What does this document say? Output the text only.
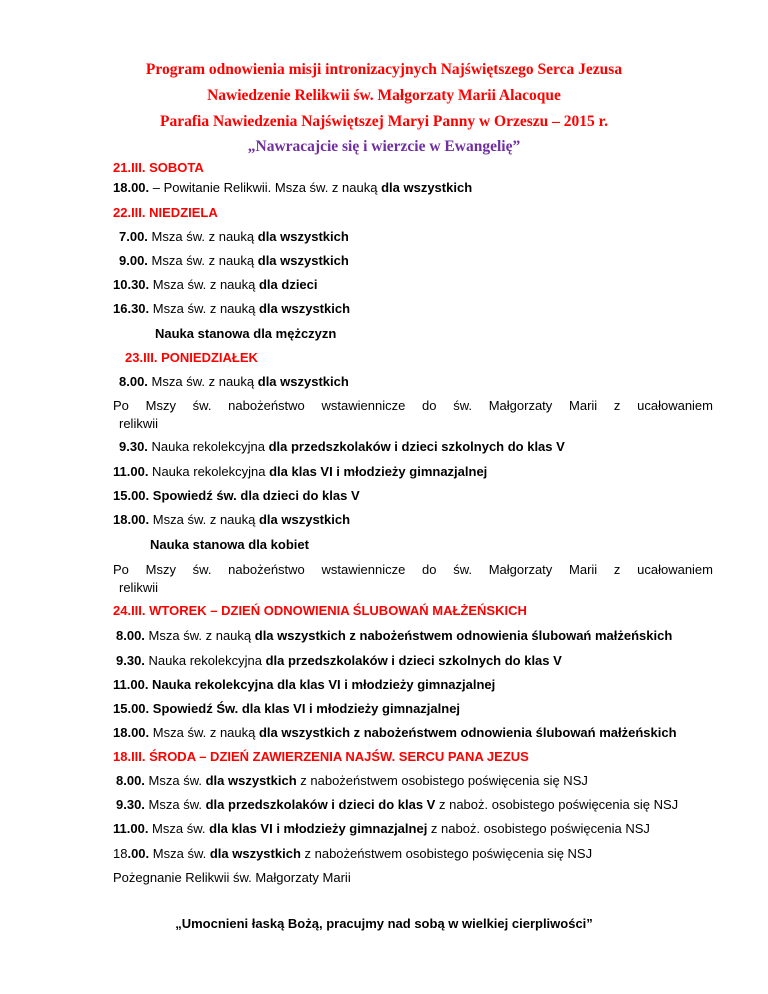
Program odnowienia misji intronizacyjnych Najświętszego Serca Jezusa
Nawiedzenie Relikwii św. Małgorzaty Marii Alacoque
Parafia Nawiedzenia Najświętszej Maryi Panny w Orzeszu – 2015 r.
„Nawracajcie się i wierzcie w Ewangelię”
21.III. SOBOTA
18.00. – Powitanie Relikwii. Msza św. z nauką dla wszystkich
22.III. NIEDZIELA
7.00. Msza św. z nauką dla wszystkich
9.00. Msza św. z nauką dla wszystkich
10.30. Msza św. z nauką dla dzieci
16.30. Msza św. z nauką dla wszystkich
Nauka stanowa dla mężczyzn
23.III. PONIEDZIAŁEK
8.00. Msza św. z nauką dla wszystkich
Po Mszy św. nabożeństwo wstawiennicze do św. Małgorzaty Marii z ucałowaniem
relikwii
9.30. Nauka rekolekcyjna dla przedszkolaków i dzieci szkolnych do klas V
11.00. Nauka rekolekcyjna dla klas VI i młodzieży gimnazjalnej
15.00. Spowiedź św. dla dzieci do klas V
18.00. Msza św. z nauką dla wszystkich
Nauka stanowa dla kobiet
Po Mszy św. nabożeństwo wstawiennicze do św. Małgorzaty Marii z ucałowaniem
relikwii
24.III. WTOREK – DZIEŃ ODNOWIENIA ŚLUBOWAŃ MAŁŻEŃSKICH
8.00. Msza św. z nauką dla wszystkich z nabożeństwem odnowienia ślubowań małżeńskich
9.30. Nauka rekolekcyjna dla przedszkolaków i dzieci szkolnych do klas V
11.00. Nauka rekolekcyjna dla klas VI i młodzieży gimnazjalnej
15.00. Spowiedź Św. dla klas VI i młodzieży gimnazjalnej
18.00. Msza św. z nauką dla wszystkich z nabożeństwem odnowienia ślubowań małżeńskich
18.III. ŚRODA – DZIEŃ ZAWIERZENIA NAJŚW. SERCU PANA JEZUS
8.00. Msza św. dla wszystkich z nabożeństwem osobistego poświęcenia się NSJ
9.30. Msza św. dla przedszkolaków i dzieci do klas V z naboż. osobistego poświęcenia się NSJ
11.00. Msza św. dla klas VI i młodzieży gimnazjalnej z naboż. osobistego poświęcenia NSJ
18.00. Msza św. dla wszystkich z nabożeństwem osobistego poświęcenia się NSJ
Pożegnanie Relikwii św. Małgorzaty Marii
„Umocnieni łaską Bożą, pracujmy nad sobą w wielkiej cierpliwości”
